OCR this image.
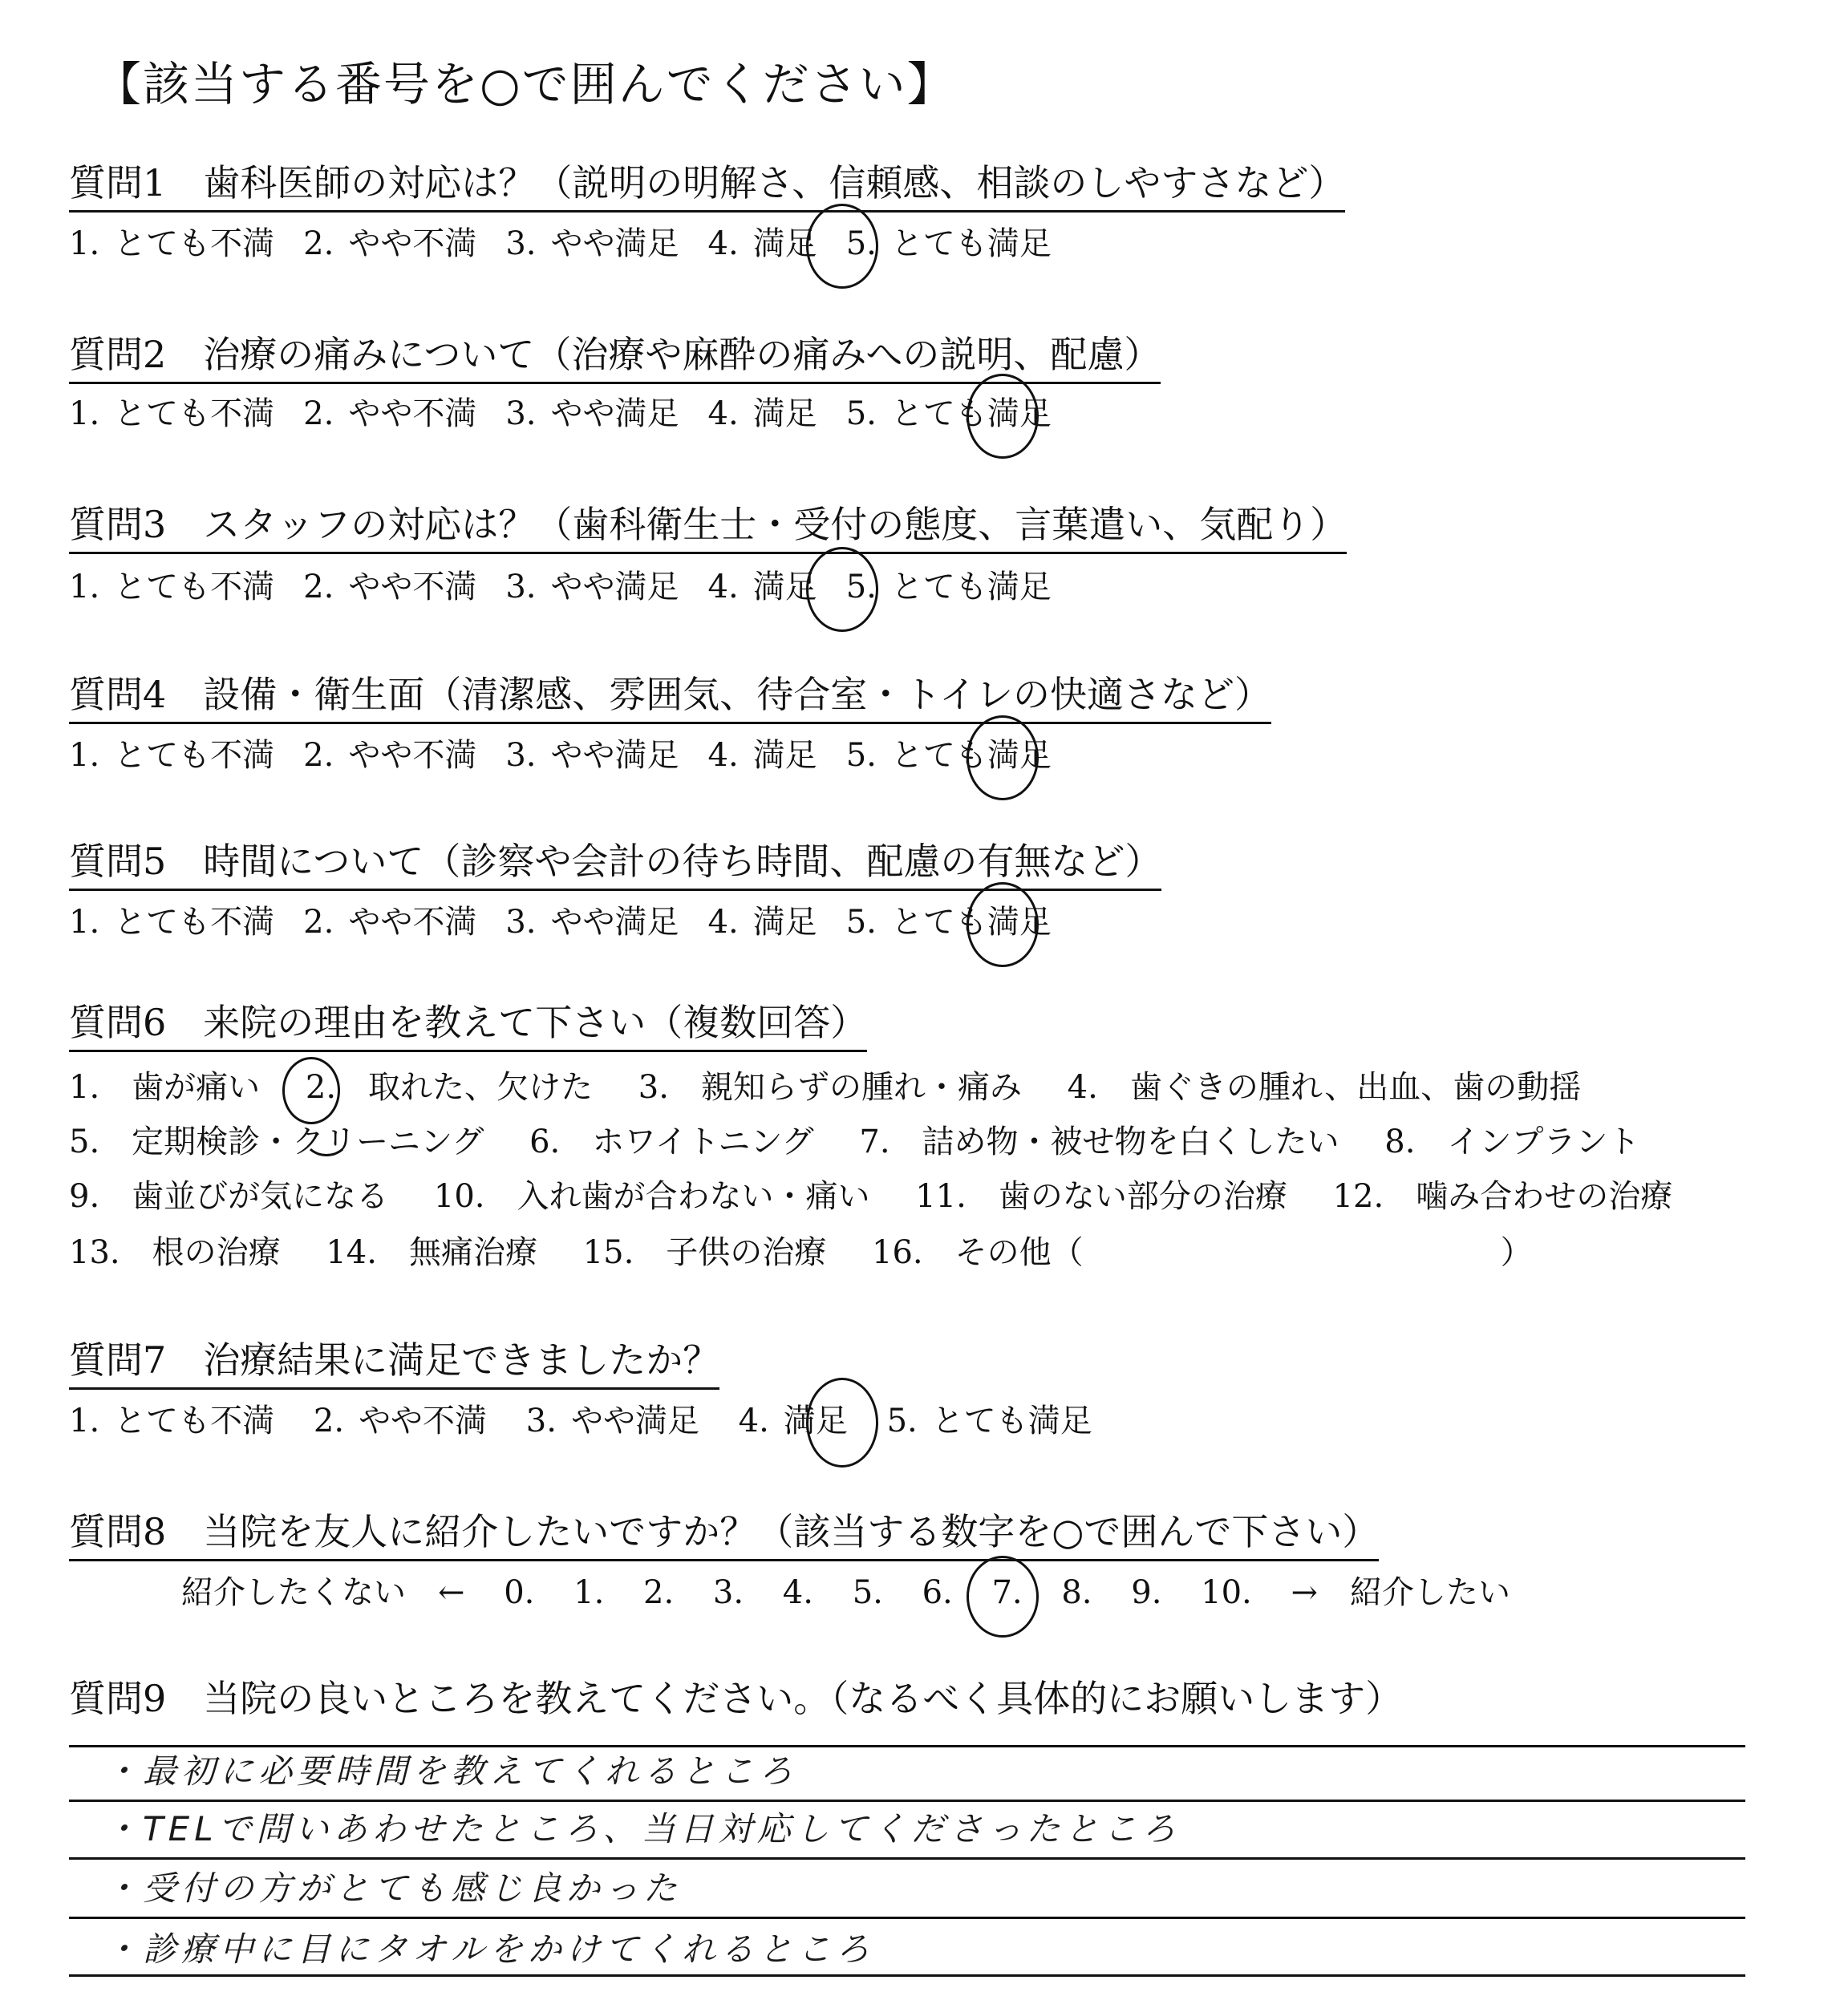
【該当する番号を○で囲んでください】
質問1　歯科医師の対応は？（説明の明解さ、信頼感、相談のしやすさなど）
1. とても不満 2. やや不満 3. やや満足 4. 満足 5. とても満足
質問2　治療の痛みについて（治療や麻酔の痛みへの説明、配慮）
1. とても不満 2. やや不満 3. やや満足 4. 満足 5. とても満足
質問3　スタッフの対応は？（歯科衛生士・受付の態度、言葉遣い、気配り）
1. とても不満 2. やや不満 3. やや満足 4. 満足 5. とても満足
質問4　設備・衛生面（清潔感、雰囲気、待合室・トイレの快適さなど）
1. とても不満 2. やや不満 3. やや満足 4. 満足 5. とても満足
質問5　時間について（診察や会計の待ち時間、配慮の有無など）
1. とても不満 2. やや不満 3. やや満足 4. 満足 5. とても満足
質問6　来院の理由を教えて下さい（複数回答）
1.　歯が痛い 2.　取れた、欠けた 3.　親知らずの腫れ・痛み 4.　歯ぐきの腫れ、出血、歯の動揺
5.　定期検診・クリーニング 6.　ホワイトニング 7.　詰め物・被せ物を白くしたい 8.　インプラント
9.　歯並びが気になる 10.　入れ歯が合わない・痛い 11.　歯のない部分の治療 12.　噛み合わせの治療
13.　根の治療 14.　無痛治療 15.　子供の治療 16.　その他（　　　　　　　　　　　　　）
質問7　治療結果に満足できましたか？
1. とても不満 2. やや不満 3. やや満足 4. 満足 5. とても満足
質問8　当院を友人に紹介したいですか？（該当する数字を○で囲んで下さい）
紹介したくない　← 0. 1. 2. 3. 4. 5. 6. 7. 8. 9. 10. →　紹介したい
質問9　当院の良いところを教えてください。（なるべく具体的にお願いします）
・最初に必要時間を教えてくれるところ
・TELで問いあわせたところ、当日対応してくださったところ
・受付の方がとても感じ良かった
・診療中に目にタオルをかけてくれるところ
